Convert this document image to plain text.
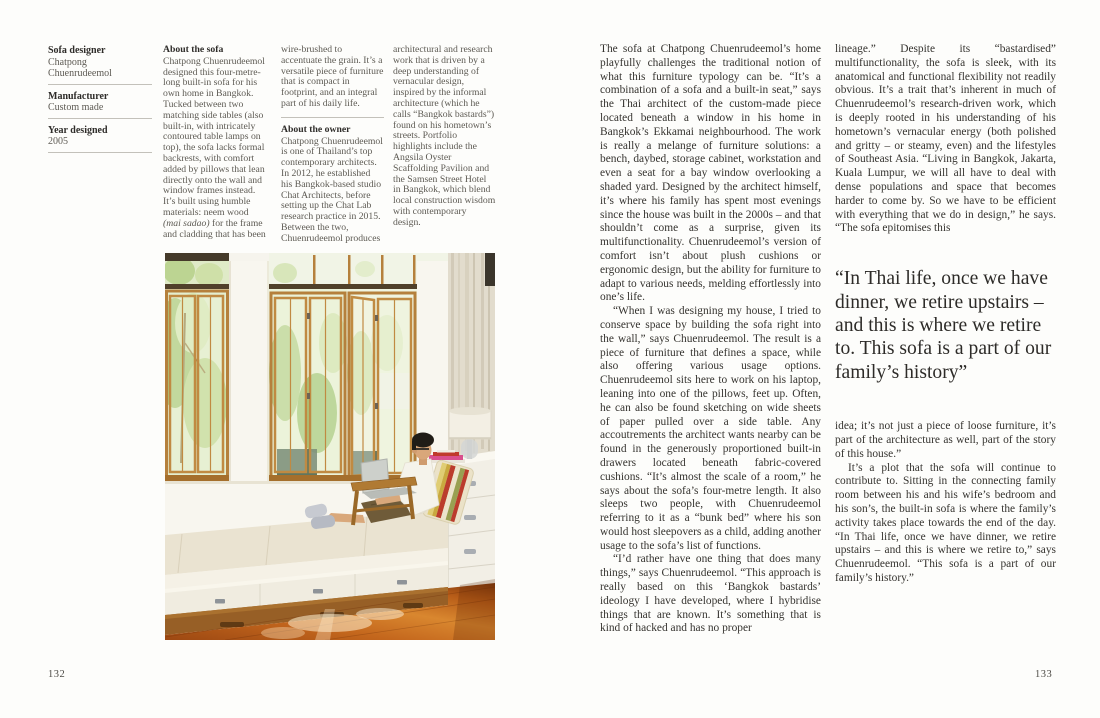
Sofa designer
Chatpong Chuenrudeemol
Manufacturer
Custom made
Year designed
2005
About the sofa

Chatpong Chuenrudeemol designed this four-metre-long built-in sofa for his own home in Bangkok. Tucked between two matching side tables (also built-in, with intricately contoured table lamps on top), the sofa lacks formal backrests, with comfort added by pillows that lean directly onto the wall and window frames instead. It’s built using humble materials: neem wood (mai sadao) for the frame and cladding that has been

wire-brushed to accentuate the grain. It’s a versatile piece of furniture that is compact in footprint, and an integral part of his daily life.

About the owner

Chatpong Chuenrudeemol is one of Thailand’s top contemporary architects. In 2012, he established his Bangkok-based studio Chat Architects, before setting up the Chat Lab research practice in 2015. Between the two, Chuenrudeemol produces

architectural and research work that is driven by a deep understanding of vernacular design, inspired by the informal architecture (which he calls “Bangkok bastards”) found on his hometown’s streets. Portfolio highlights include the Angsila Oyster Scaffolding Pavilion and the Samsen Street Hotel in Bangkok, which blend local construction wisdom with contemporary design.

The sofa at Chatpong Chuenrudeemol’s home playfully challenges the traditional notion of what this furniture typology can be. “It’s a combination of a sofa and a built-in seat,” says the Thai architect of the custom-made piece located beneath a window in his home in Bangkok’s Ekkamai neighbourhood. The work is really a melange of furniture solutions: a bench, daybed, storage cabinet, workstation and even a seat for a bay window overlooking a shaded yard. Designed by the architect himself, it’s where his family has spent most evenings since the house was built in the 2000s – and that shouldn’t come as a surprise, given its multifunctionality. Chuenrudeemol’s version of comfort isn’t about plush cushions or ergonomic design, but the ability for furniture to adapt to various needs, melding effortlessly into one’s life.

“When I was designing my house, I tried to conserve space by building the sofa right into the wall,” says Chuenrudeemol. The result is a piece of furniture that defines a space, while also offering various usage options. Chuenrudeemol sits here to work on his laptop, leaning into one of the pillows, feet up. Often, he can also be found sketching on wide sheets of paper pulled over a side table. Any accoutrements the architect wants nearby can be found in the generously proportioned built-in drawers located beneath fabric-covered cushions. “It’s almost the scale of a room,” he says about the sofa’s four-metre length. It also sleeps two people, with Chuenrudeemol referring to it as a “bunk bed” where his son would host sleepovers as a child, adding another usage to the sofa’s list of functions.

“I’d rather have one thing that does many things,” says Chuenrudeemol. “This approach is really based on this ‘Bangkok bastards’ ideology I have developed, where I hybridise things that are known. It’s something that is kind of hacked and has no proper

lineage.” Despite its “bastardised” multifunctionality, the sofa is sleek, with its anatomical and functional flexibility not readily obvious. It’s a trait that’s inherent in much of Chuenrudeemol’s research-driven work, which is deeply rooted in his understanding of his hometown’s vernacular energy (both polished and gritty – or steamy, even) and the lifestyles of Southeast Asia. “Living in Bangkok, Jakarta, Kuala Lumpur, we will all have to deal with dense populations and space that becomes harder to come by. So we have to be efficient with everything that we do in design,” he says. “The sofa epitomises this

“In Thai life, once we have dinner, we retire upstairs – and this is where we retire to. This sofa is a part of our family’s history”

idea; it’s not just a piece of loose furniture, it’s part of the architecture as well, part of the story of this house.”

It’s a plot that the sofa will continue to contribute to. Sitting in the connecting family room between his and his wife’s bedroom and his son’s, the built-in sofa is where the family’s activity takes place towards the end of the day. “In Thai life, once we have dinner, we retire upstairs – and this is where we retire to,” says Chuenrudeemol. “This sofa is a part of our family’s history.”

132	133
